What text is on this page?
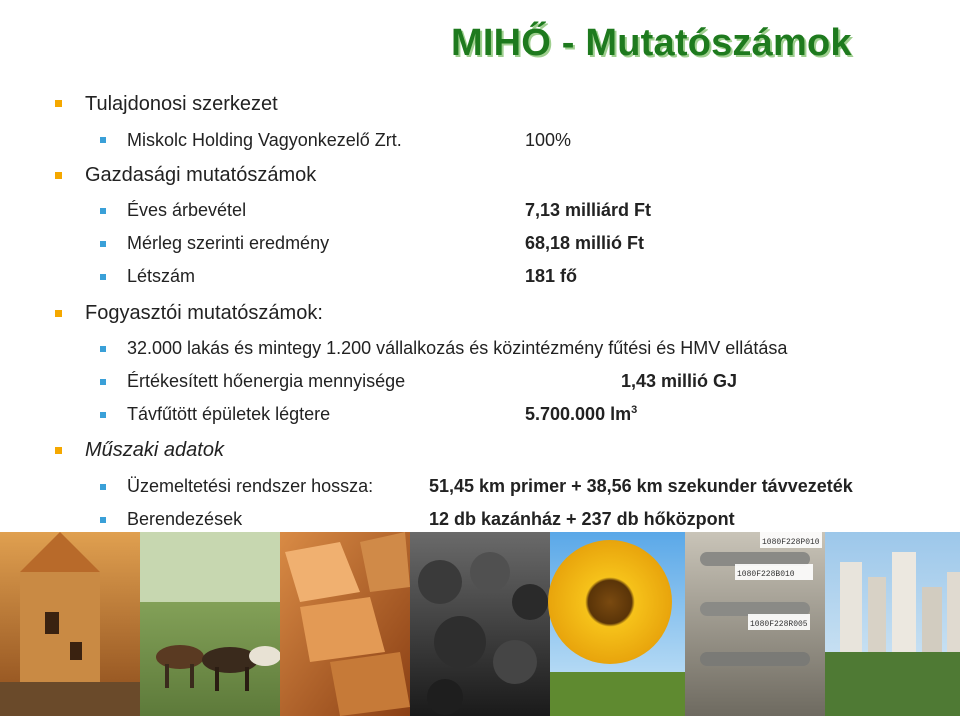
MIHŐ - Mutatószámok
Tulajdonosi szerkezet
Miskolc Holding Vagyonkezelő Zrt.	100%
Gazdasági mutatószámok
Éves árbevétel	7,13 milliárd Ft
Mérleg szerinti eredmény	68,18 millió Ft
Létszám	181 fő
Fogyasztói mutatószámok:
32.000 lakás és mintegy 1.200 vállalkozás és közintézmény fűtési és HMV ellátása
Értékesített hőenergia mennyisége	1,43 millió GJ
Távfűtött épületek légtere	5.700.000 $lm^3$
Műszaki adatok
Üzemeltetési rendszer hossza:	51,45 km primer + 38,56 km szekunder távvezeték
Berendezések	12 db kazánház + 237 db hőközpont
1080F228B010
1080F228R005
1080F228P010
